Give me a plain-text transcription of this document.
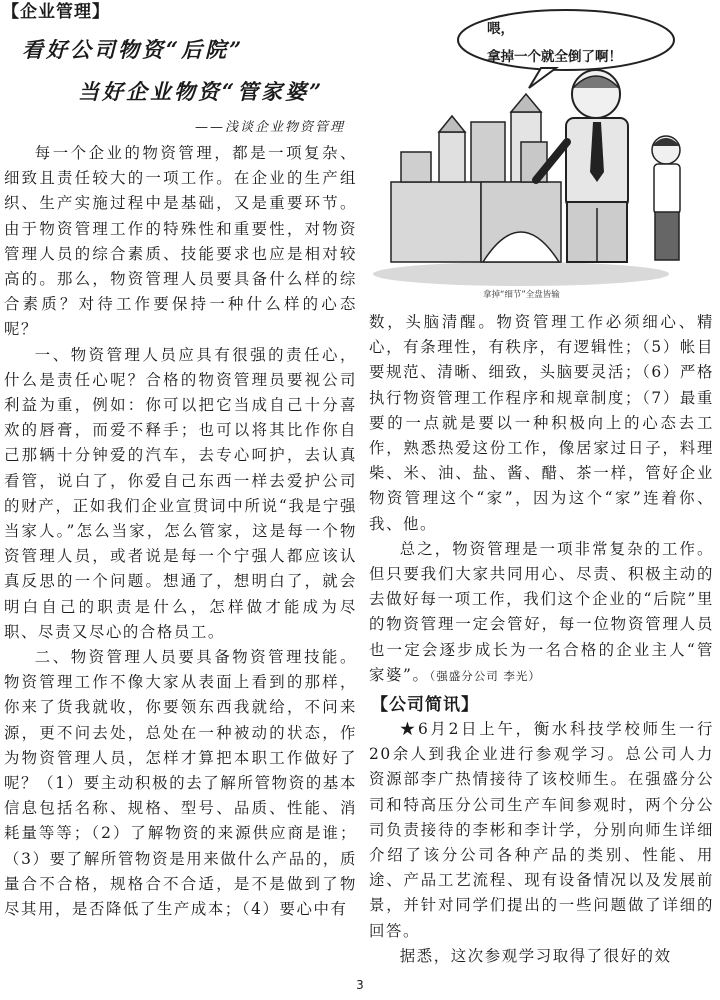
【企业管理】
看好公司物资“后院”
当好企业物资“管家婆”
——浅谈企业物资管理

每一个企业的物资管理，都是一项复杂、细致且责任较大的一项工作。在企业的生产组织、生产实施过程中是基础，又是重要环节。由于物资管理工作的特殊性和重要性，对物资管理人员的综合素质、技能要求也应是相对较高的。那么，物资管理人员要具备什么样的综合素质？对待工作要保持一种什么样的心态呢？

一、物资管理人员应具有很强的责任心，什么是责任心呢？合格的物资管理员要视公司利益为重，例如：你可以把它当成自己十分喜欢的唇膏，而爱不释手；也可以将其比作你自己那辆十分钟爱的汽车，去专心呵护，去认真看管，说白了，你爱自己东西一样去爱护公司的财产，正如我们企业宣贯词中所说“我是宁强当家人。”怎么当家，怎么管家，这是每一个物资管理人员，或者说是每一个宁强人都应该认真反思的一个问题。想通了，想明白了，就会明白自己的职责是什么，怎样做才能成为尽职、尽责又尽心的合格员工。

二、物资管理人员要具备物资管理技能。物资管理工作不像大家从表面上看到的那样，你来了货我就收，你要领东西我就给，不问来源，更不问去处，总处在一种被动的状态，作为物资管理人员，怎样才算把本职工作做好了呢？（1）要主动积极的去了解所管物资的基本信息包括名称、规格、型号、品质、性能、消耗量等等；（2）了解物资的来源供应商是谁；（3）要了解所管物资是用来做什么产品的，质量合不合格，规格合不合适，是不是做到了物尽其用，是否降低了生产成本；（4）要心中有

喂，
拿掉一个就全倒了啊！
拿掉“细节”全盘皆输

数，头脑清醒。物资管理工作必须细心、精心，有条理性，有秩序，有逻辑性；（5）帐目要规范、清晰、细致，头脑要灵活；（6）严格执行物资管理工作程序和规章制度；（7）最重要的一点就是要以一种积极向上的心态去工作，熟悉热爱这份工作，像居家过日子，料理柴、米、油、盐、酱、醋、茶一样，管好企业物资管理这个“家”，因为这个“家”连着你、我、他。

总之，物资管理是一项非常复杂的工作。但只要我们大家共同用心、尽责、积极主动的去做好每一项工作，我们这个企业的“后院”里的物资管理一定会管好，每一位物资管理人员也一定会逐步成长为一名合格的企业主人“管家婆”。（强盛分公司 李光）

【公司简讯】

★6月2日上午，衡水科技学校师生一行20余人到我企业进行参观学习。总公司人力资源部李广热情接待了该校师生。在强盛分公司和特高压分公司生产车间参观时，两个分公司负责接待的李彬和李计学，分别向师生详细介绍了该分公司各种产品的类别、性能、用途、产品工艺流程、现有设备情况以及发展前景，并针对同学们提出的一些问题做了详细的回答。

据悉，这次参观学习取得了很好的效

3
